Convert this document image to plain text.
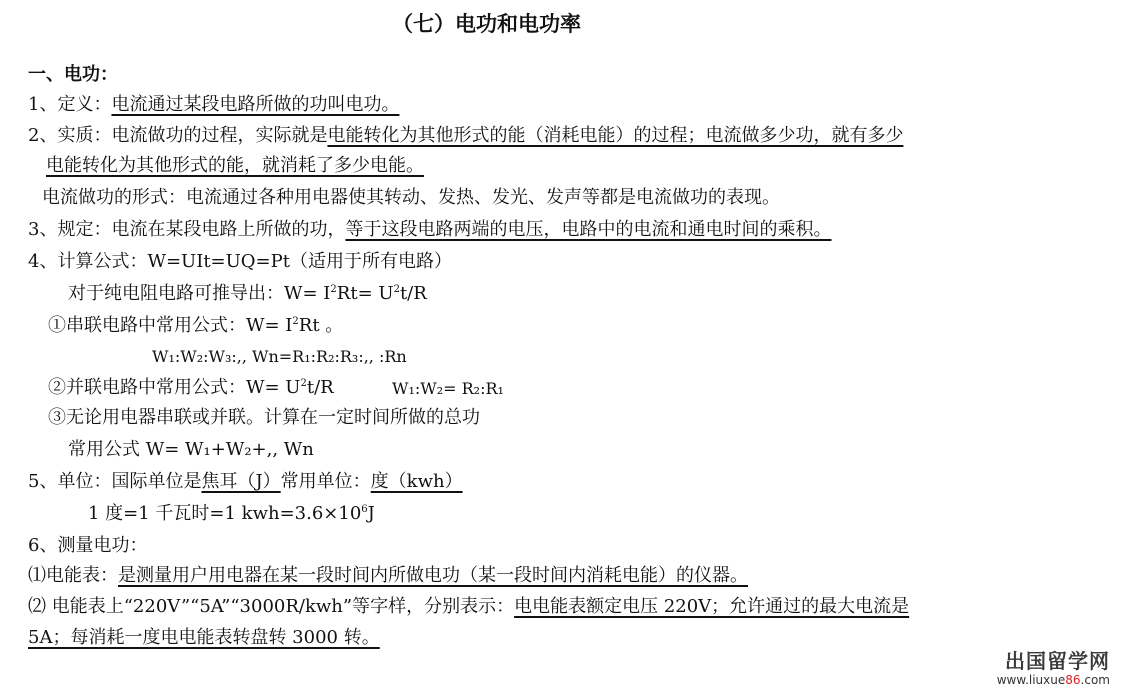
（七）电功和电功率
一、电功：
1、定义：电流通过某段电路所做的功叫电功。
2、实质：电流做功的过程，实际就是电能转化为其他形式的能（消耗电能）的过程；电流做多少功，就有多少
电能转化为其他形式的能，就消耗了多少电能。
电流做功的形式：电流通过各种用电器使其转动、发热、发光、发声等都是电流做功的表现。
3、规定：电流在某段电路上所做的功，等于这段电路两端的电压，电路中的电流和通电时间的乘积。
4、计算公式：W=UIt=UQ=Pt（适用于所有电路）
对于纯电阻电路可推导出：$W= I^2Rt= U^2t/R$
①串联电路中常用公式：$W= I^2Rt$ 。
W₁:W₂:W₃:,, Wn=R₁:R₂:R₃:,, :Rn
②并联电路中常用公式：$W= U^2t/R$	W₁:W₂= R₂:R₁
③无论用电器串联或并联。计算在一定时间所做的总功
常用公式 W= W₁+W₂+,, Wn
5、单位：国际单位是焦耳（J）常用单位：度（kwh）
1 度=1 千瓦时=1 $kwh=3.6\times 10^6J$
6、测量电功：
⑴电能表：是测量用户用电器在某一段时间内所做电功（某一段时间内消耗电能）的仪器。
⑵ 电能表上“220V”“5A”“3000R/kwh”等字样，分别表示：电电能表额定电压 220V；允许通过的最大电流是
5A；每消耗一度电电能表转盘转 3000 转。
出国留学网
www.liuxue86.com
